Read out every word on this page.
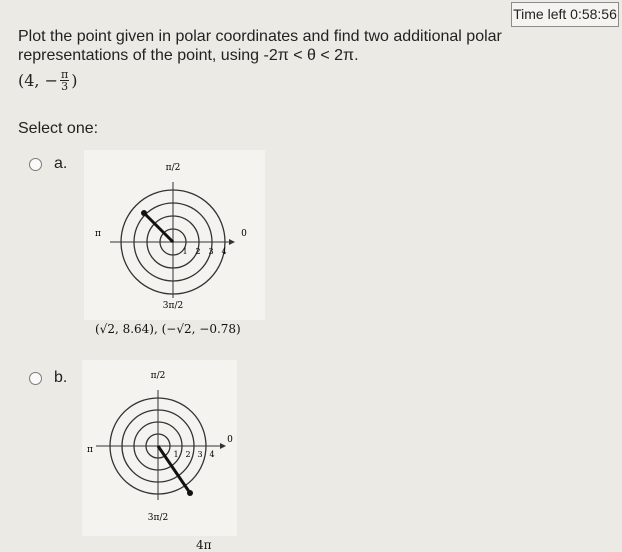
Time left 0:58:56
Plot the point given in polar coordinates and find two additional polar representations of the point, using -2π < θ < 2π.
(4, − $\frac{\pi}{3}$ )
Select one:
a.	π/2
π	0
3π/2
1 2 3 4
(√2, 8.64), (−√2, −0.78)
b.	π/2
π
0
3π/2
1 2 3 4
4π
